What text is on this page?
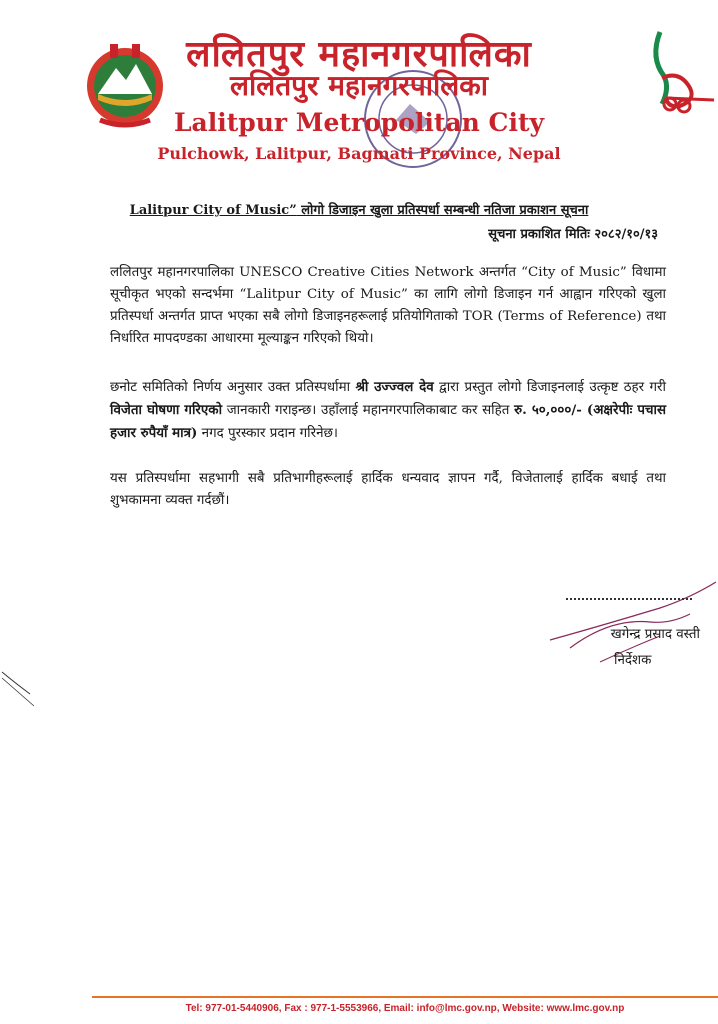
ललितपुर महानगरपालिका
ललितपुर महानगरपालिका
Lalitpur Metropolitan City
Pulchowk, Lalitpur, Bagmati Province, Nepal
Lalitpur City of Music” लोगो डिजाइन खुला प्रतिस्पर्धा सम्बन्धी नतिजा प्रकाशन सूचना
सूचना प्रकाशित मितिः २०८२/१०/१३
ललितपुर महानगरपालिका UNESCO Creative Cities Network अन्तर्गत “City of Music” विधामा सूचीकृत भएको सन्दर्भमा “Lalitpur City of Music” का लागि लोगो डिजाइन गर्न आह्वान गरिएको खुला प्रतिस्पर्धा अन्तर्गत प्राप्त भएका सबै लोगो डिजाइनहरूलाई प्रतियोगिताको TOR (Terms of Reference) तथा निर्धारित मापदण्डका आधारमा मूल्याङ्कन गरिएको थियो।
छनोट समितिको निर्णय अनुसार उक्त प्रतिस्पर्धामा श्री उज्ज्वल देव द्वारा प्रस्तुत लोगो डिजाइनलाई उत्कृष्ट ठहर गरी विजेता घोषणा गरिएको जानकारी गराइन्छ। उहाँलाई महानगरपालिकाबाट कर सहित रु. ५०,०००/- (अक्षरेपीः पचास हजार रुपैयाँ मात्र) नगद पुरस्कार प्रदान गरिनेछ।
यस प्रतिस्पर्धामा सहभागी सबै प्रतिभागीहरूलाई हार्दिक धन्यवाद ज्ञापन गर्दै, विजेतालाई हार्दिक बधाई तथा शुभकामना व्यक्त गर्दछौं।
खगेन्द्र प्रसाद वस्ती
निर्देशक
Tel: 977-01-5440906, Fax : 977-1-5553966, Email: info@lmc.gov.np, Website: www.lmc.gov.np
